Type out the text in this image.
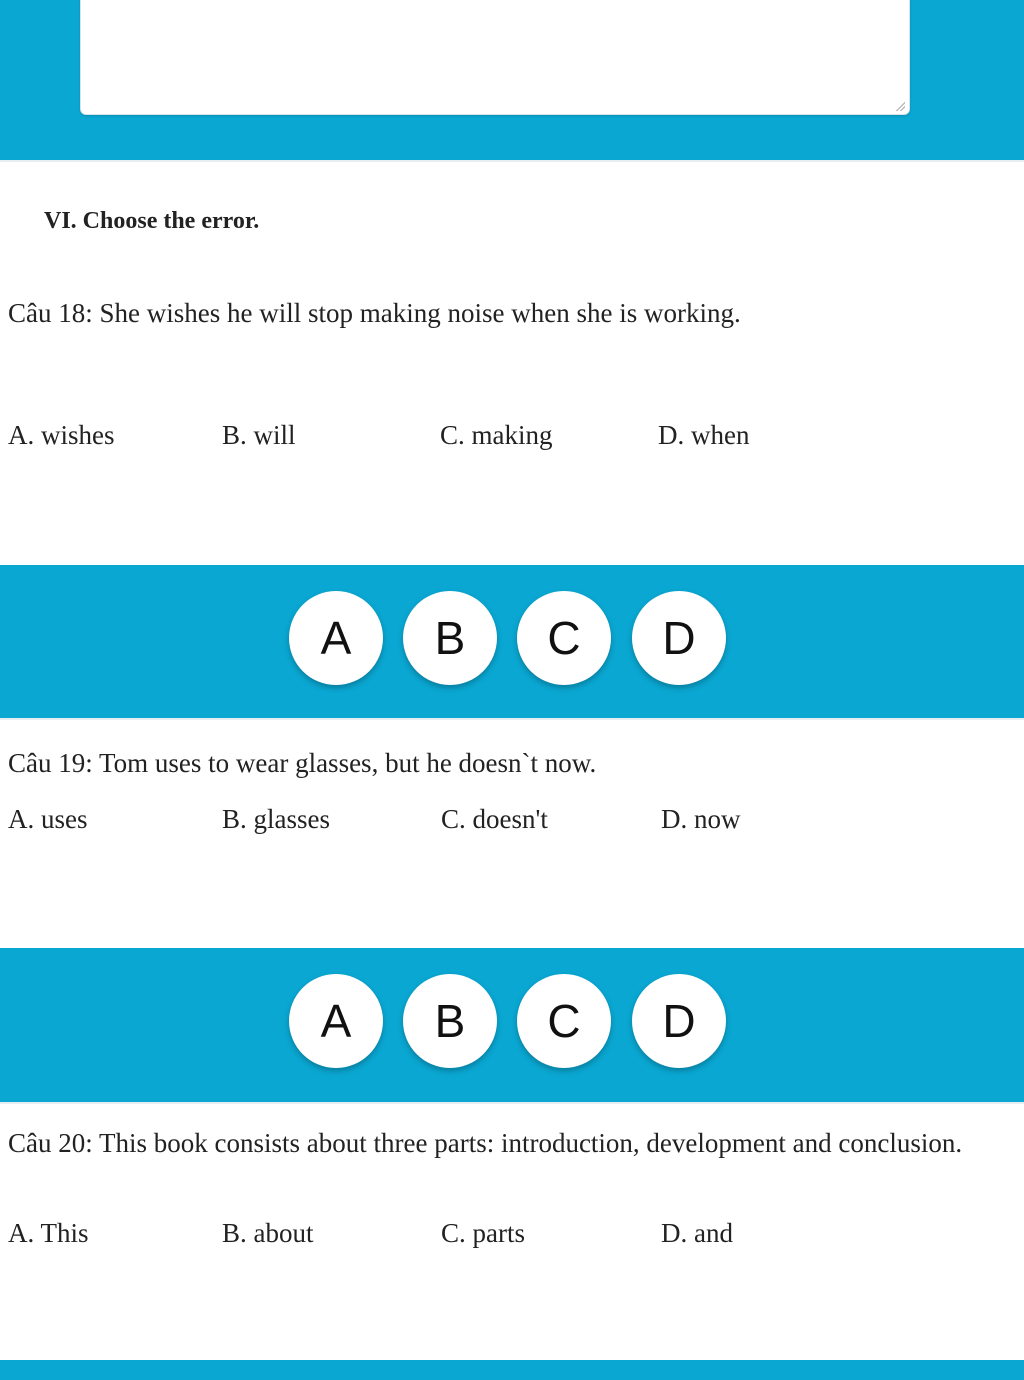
VI. Choose the error.
Câu 18: She wishes he will stop making noise when she is working.
A. wishes	B. will	C. making	D. when
A	B	C	D
Câu 19: Tom uses to wear glasses, but he doesn`t now.
A. uses	B. glasses	C. doesn't	D. now
A	B	C	D
Câu 20: This book consists about three parts: introduction, development and conclusion.
A. This	B. about	C. parts	D. and
